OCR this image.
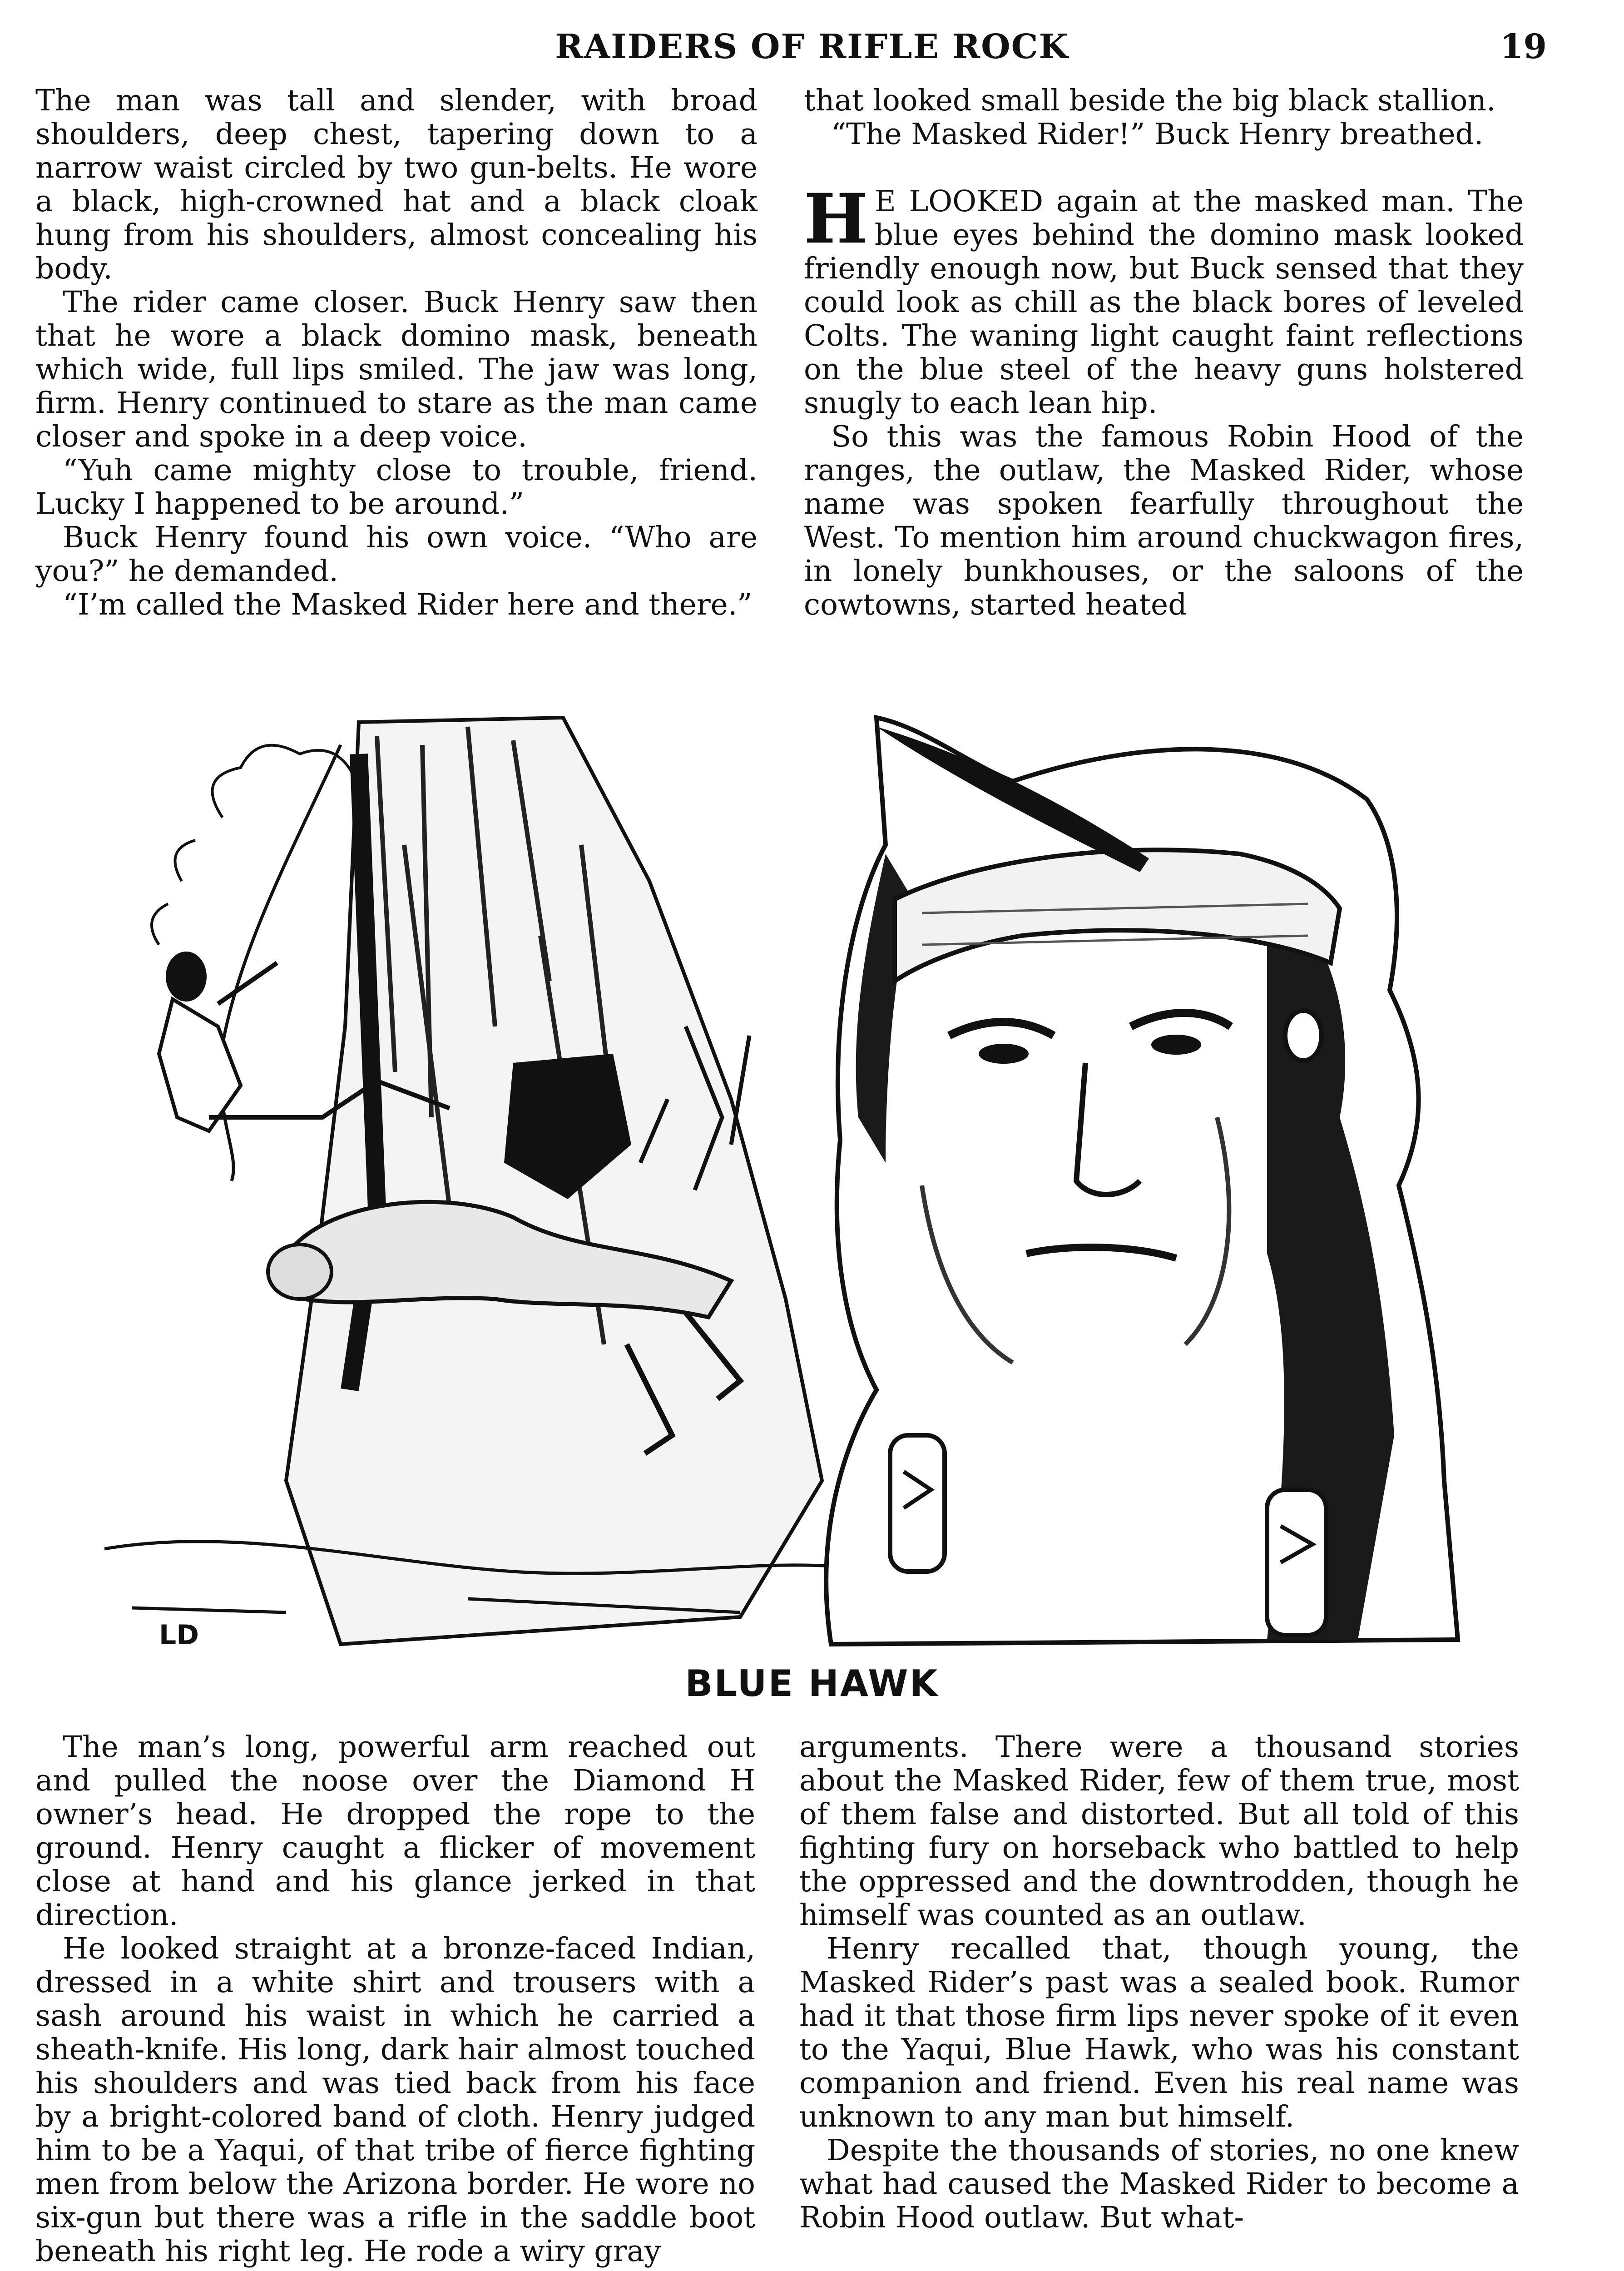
RAIDERS OF RIFLE ROCK	19

The man was tall and slender, with broad shoulders, deep chest, tapering down to a narrow waist circled by two gun-belts. He wore a black, high-crowned hat and a black cloak hung from his shoulders, almost concealing his body.

The rider came closer. Buck Henry saw then that he wore a black domino mask, beneath which wide, full lips smiled. The jaw was long, firm. Henry continued to stare as the man came closer and spoke in a deep voice.

“Yuh came mighty close to trouble, friend. Lucky I happened to be around.”

Buck Henry found his own voice. “Who are you?” he demanded.

“I’m called the Masked Rider here and there.”

that looked small beside the big black stallion.

“The Masked Rider!” Buck Henry breathed.

H E LOOKED again at the masked man. The blue eyes behind the domino mask looked friendly enough now, but Buck sensed that they could look as chill as the black bores of leveled Colts. The waning light caught faint reflections on the blue steel of the heavy guns holstered snugly to each lean hip.

So this was the famous Robin Hood of the ranges, the outlaw, the Masked Rider, whose name was spoken fearfully throughout the West. To mention him around chuckwagon fires, in lonely bunkhouses, or the saloons of the cowtowns, started heated

LD
BLUE HAWK

The man’s long, powerful arm reached out and pulled the noose over the Diamond H owner’s head. He dropped the rope to the ground. Henry caught a flicker of movement close at hand and his glance jerked in that direction.

He looked straight at a bronze-faced Indian, dressed in a white shirt and trousers with a sash around his waist in which he carried a sheath-knife. His long, dark hair almost touched his shoulders and was tied back from his face by a bright-colored band of cloth. Henry judged him to be a Yaqui, of that tribe of fierce fighting men from below the Arizona border. He wore no six-gun but there was a rifle in the saddle boot beneath his right leg. He rode a wiry gray

arguments. There were a thousand stories about the Masked Rider, few of them true, most of them false and distorted. But all told of this fighting fury on horseback who battled to help the oppressed and the downtrodden, though he himself was counted as an outlaw.

Henry recalled that, though young, the Masked Rider’s past was a sealed book. Rumor had it that those firm lips never spoke of it even to the Yaqui, Blue Hawk, who was his constant companion and friend. Even his real name was unknown to any man but himself.

Despite the thousands of stories, no one knew what had caused the Masked Rider to become a Robin Hood outlaw. But what-
